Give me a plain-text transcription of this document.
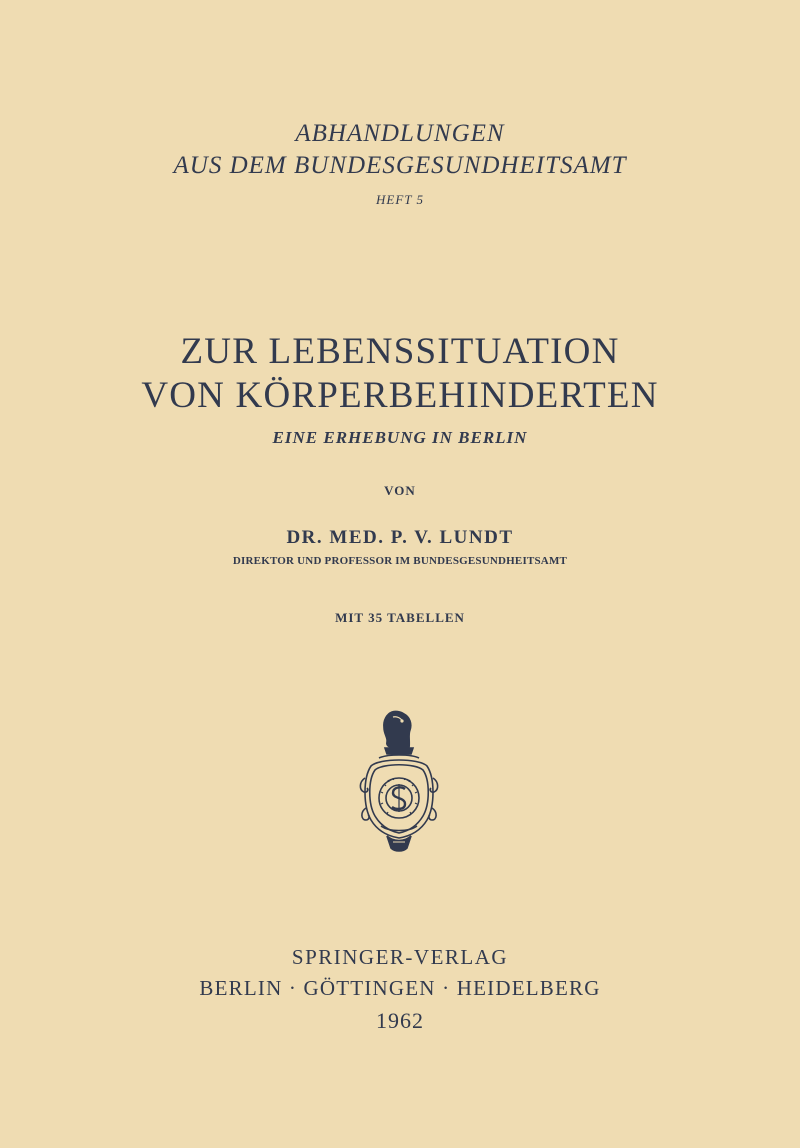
ABHANDLUNGEN
AUS DEM BUNDESGESUNDHEITSAMT
HEFT 5
ZUR LEBENSSITUATION
VON KÖRPERBEHINDERTEN
EINE ERHEBUNG IN BERLIN
VON
DR. MED. P. V. LUNDT
DIREKTOR UND PROFESSOR IM BUNDESGESUNDHEITSAMT
MIT 35 TABELLEN
SPRINGER-VERLAG
BERLIN · GÖTTINGEN · HEIDELBERG
1962
